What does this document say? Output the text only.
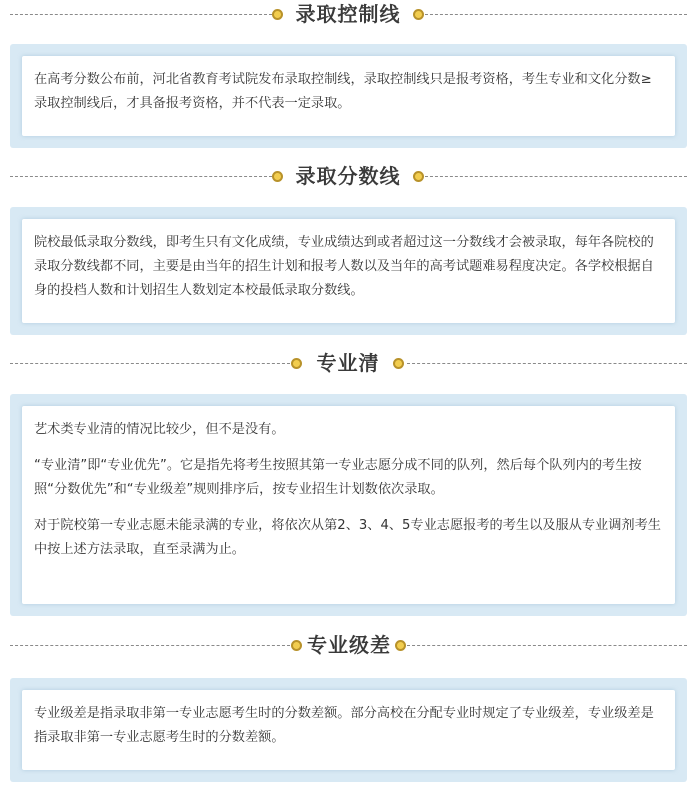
录取控制线

在高考分数公布前，河北省教育考试院发布录取控制线，录取控制线只是报考资格，考生专业和文化分数≥录取控制线后，才具备报考资格，并不代表一定录取。

录取分数线

院校最低录取分数线，即考生只有文化成绩，专业成绩达到或者超过这一分数线才会被录取，每年各院校的录取分数线都不同，主要是由当年的招生计划和报考人数以及当年的高考试题难易程度决定。各学校根据自身的投档人数和计划招生人数划定本校最低录取分数线。

专业清

艺术类专业清的情况比较少，但不是没有。

“专业清”即“专业优先”。它是指先将考生按照其第一专业志愿分成不同的队列，然后每个队列内的考生按照“分数优先”和“专业级差”规则排序后，按专业招生计划数依次录取。

对于院校第一专业志愿未能录满的专业，将依次从第2、3、4、5专业志愿报考的考生以及服从专业调剂考生中按上述方法录取，直至录满为止。

专业级差

专业级差是指录取非第一专业志愿考生时的分数差额。部分高校在分配专业时规定了专业级差，专业级差是指录取非第一专业志愿考生时的分数差额。
